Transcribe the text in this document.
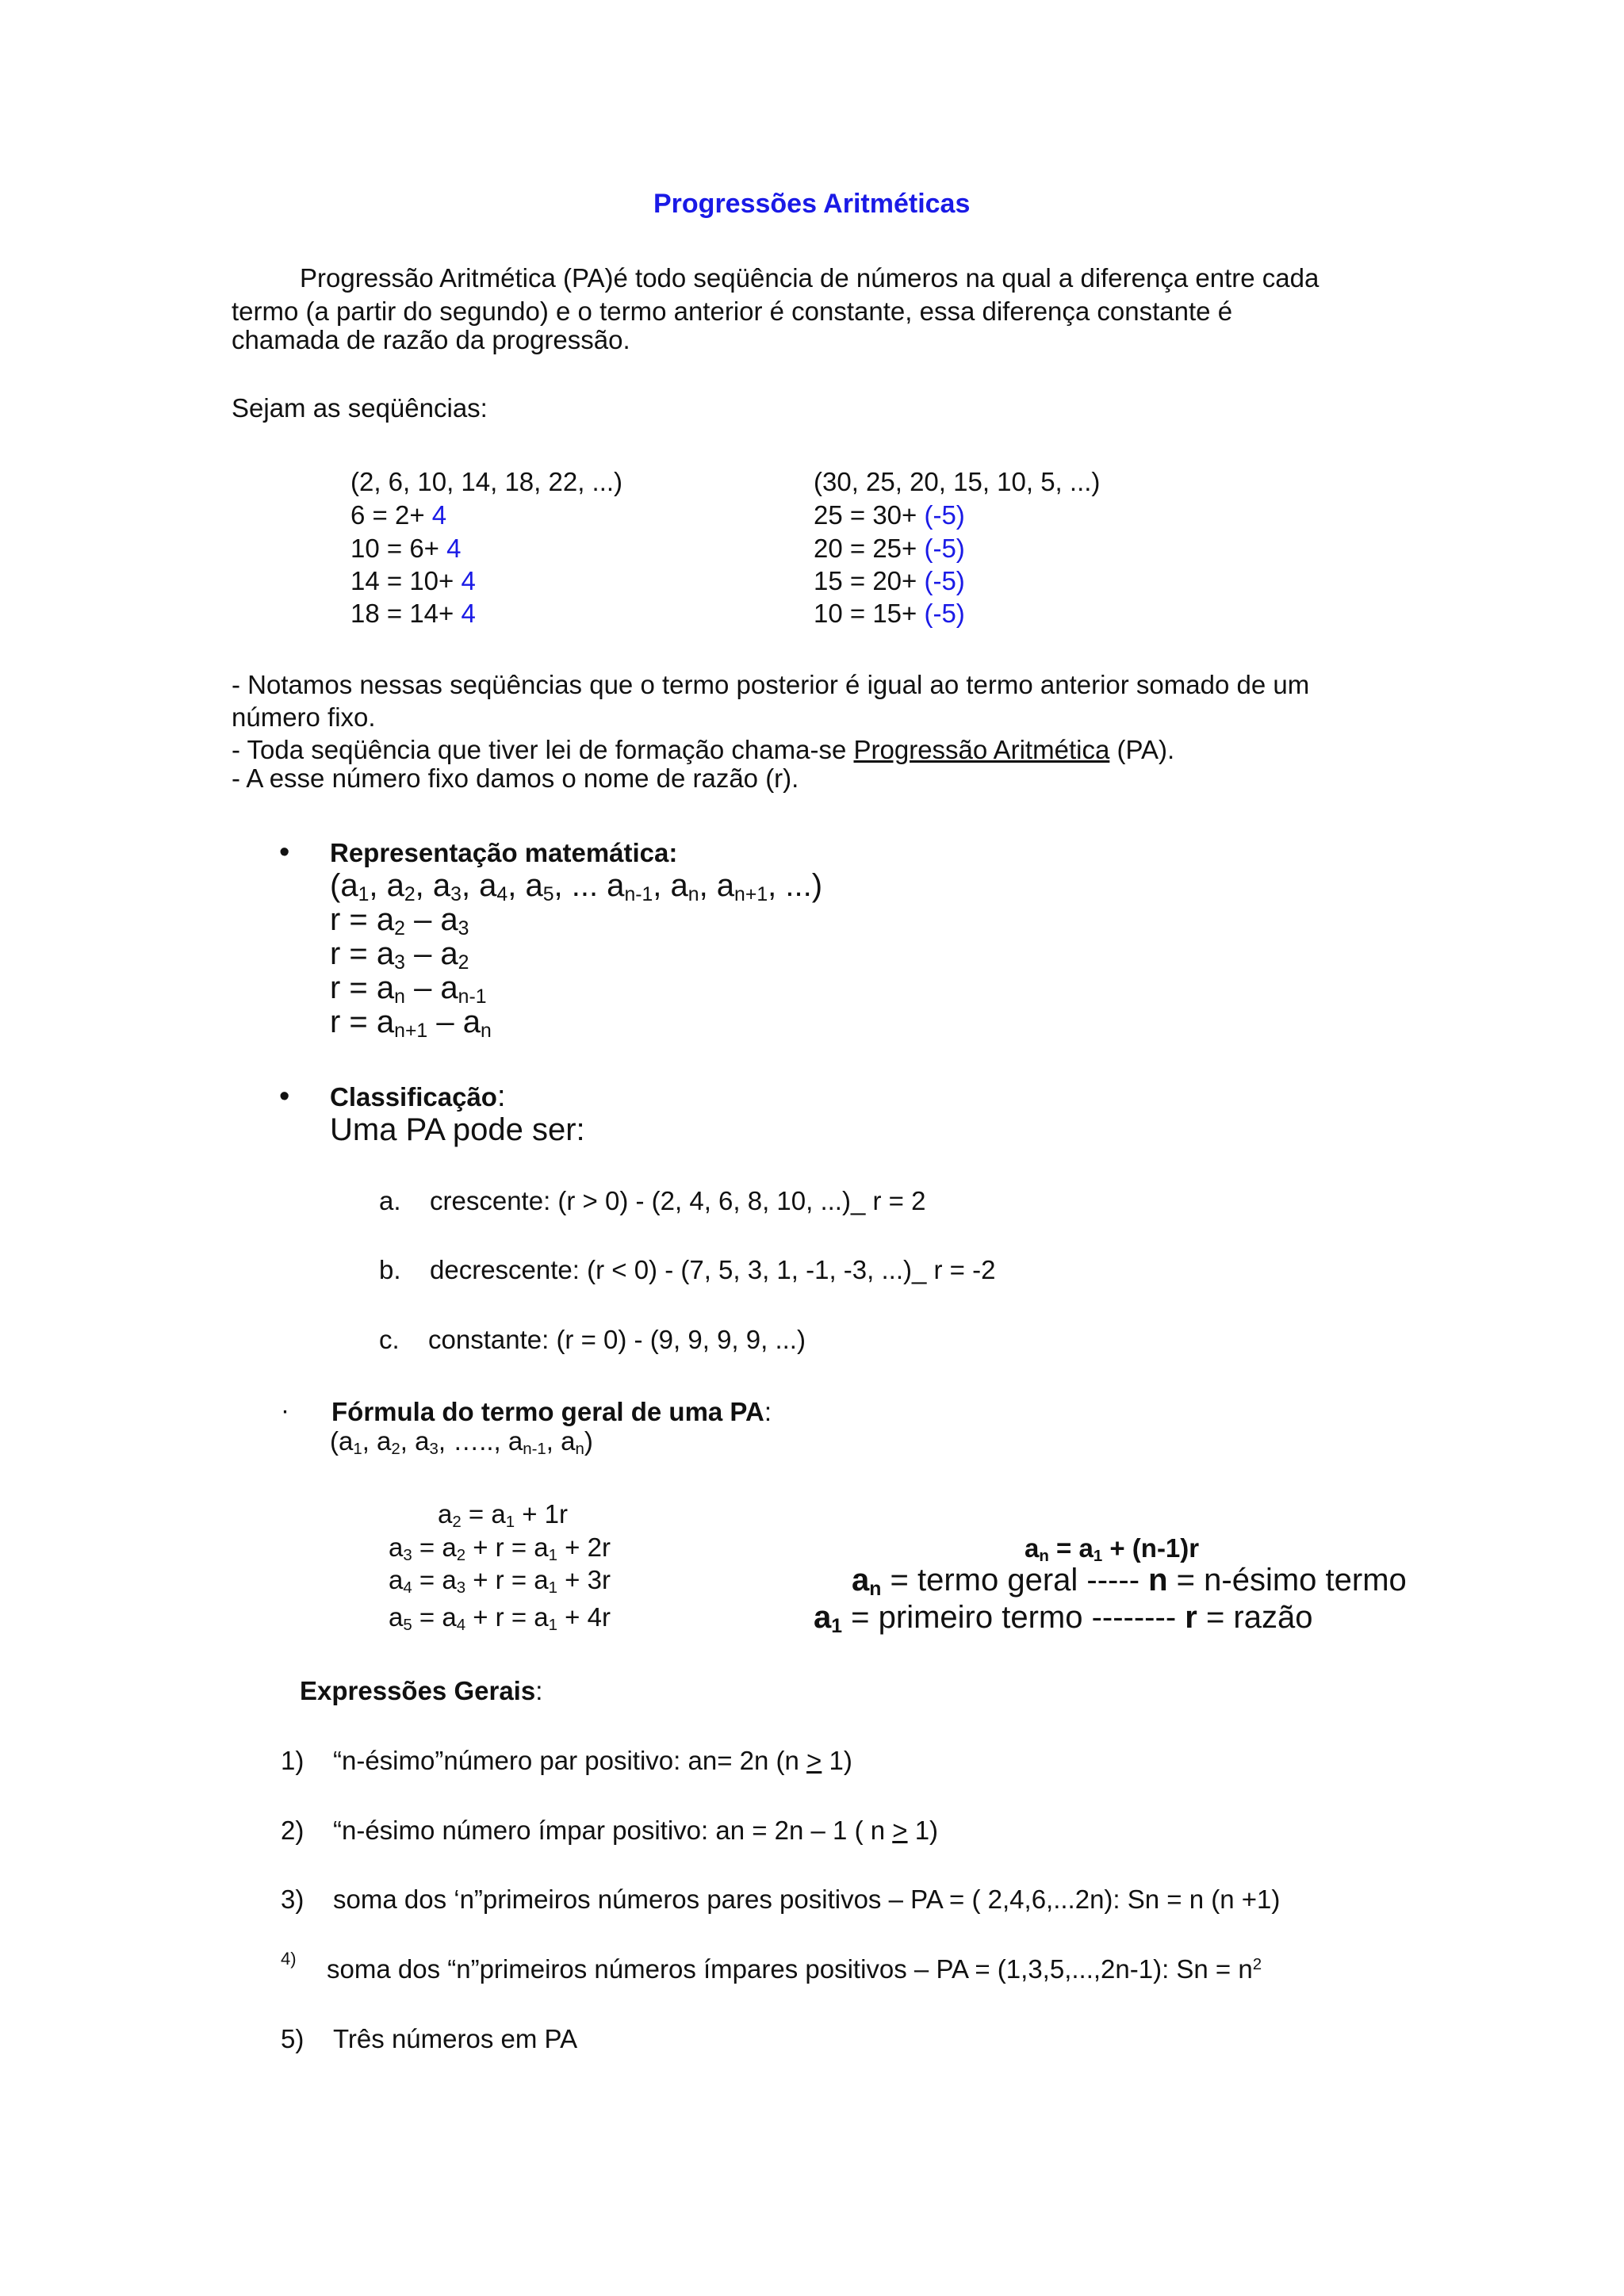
Progressões Aritméticas
Progressão Aritmética (PA)é todo seqüência de números na qual a diferença entre cada
termo (a partir do segundo) e o termo anterior é constante, essa diferença constante é
chamada de razão da progressão.
Sejam as seqüências:
(2, 6, 10, 14, 18, 22, ...)
6 = 2+ 4
10 = 6+ 4
14 = 10+ 4
18 = 14+ 4
(30, 25, 20, 15, 10, 5, ...)
25 = 30+ (-5)
20 = 25+ (-5)
15 = 20+ (-5)
10 = 15+ (-5)
- Notamos nessas seqüências que o termo posterior é igual ao termo anterior somado de um
número fixo.
- Toda seqüência que tiver lei de formação chama-se Progressão Aritmética (PA).
- A esse número fixo damos o nome de razão (r).
• Representação matemática:
($a_1$, $a_2$, $a_3$, $a_4$, $a_5$, ... $a_{n-1}$, $a_n$, $a_{n+1}$, ...)
$r = a_2 - a_3$
$r = a_3 - a_2$
$r = a_n - a_{n-1}$
$r = a_{n+1} - a_n$
• Classificação:
Uma PA pode ser:
a. crescente: (r > 0) - (2, 4, 6, 8, 10, ...)_ r = 2
b. decrescente: (r < 0) - (7, 5, 3, 1, -1, -3, ...)_ r = -2
c. constante: (r = 0) - (9, 9, 9, 9, ...)
· Fórmula do termo geral de uma PA:
($a_1$, $a_2$, $a_3$, ….., $a_{n-1}$, $a_n$)
$a_2 = a_1 + 1r$
$a_3 = a_2 + r = a_1 + 2r$
$a_4 = a_3 + r = a_1 + 3r$
$a_5 = a_4 + r = a_1 + 4r$
$a_n = a_1 + (n-1)r$
$a_n$ = termo geral ----- n = n-ésimo termo
$a_1$ = primeiro termo -------- r = razão
Expressões Gerais:
1) “n-ésimo”número par positivo: an= 2n (n > 1)
2) “n-ésimo número ímpar positivo: an = 2n – 1 ( n > 1)
3) soma dos ‘n”primeiros números pares positivos – PA = ( 2,4,6,...2n): Sn = n (n +1)
4) soma dos “n”primeiros números ímpares positivos – PA = (1,3,5,...,2n-1): $Sn = n^2$
5) Três números em PA
